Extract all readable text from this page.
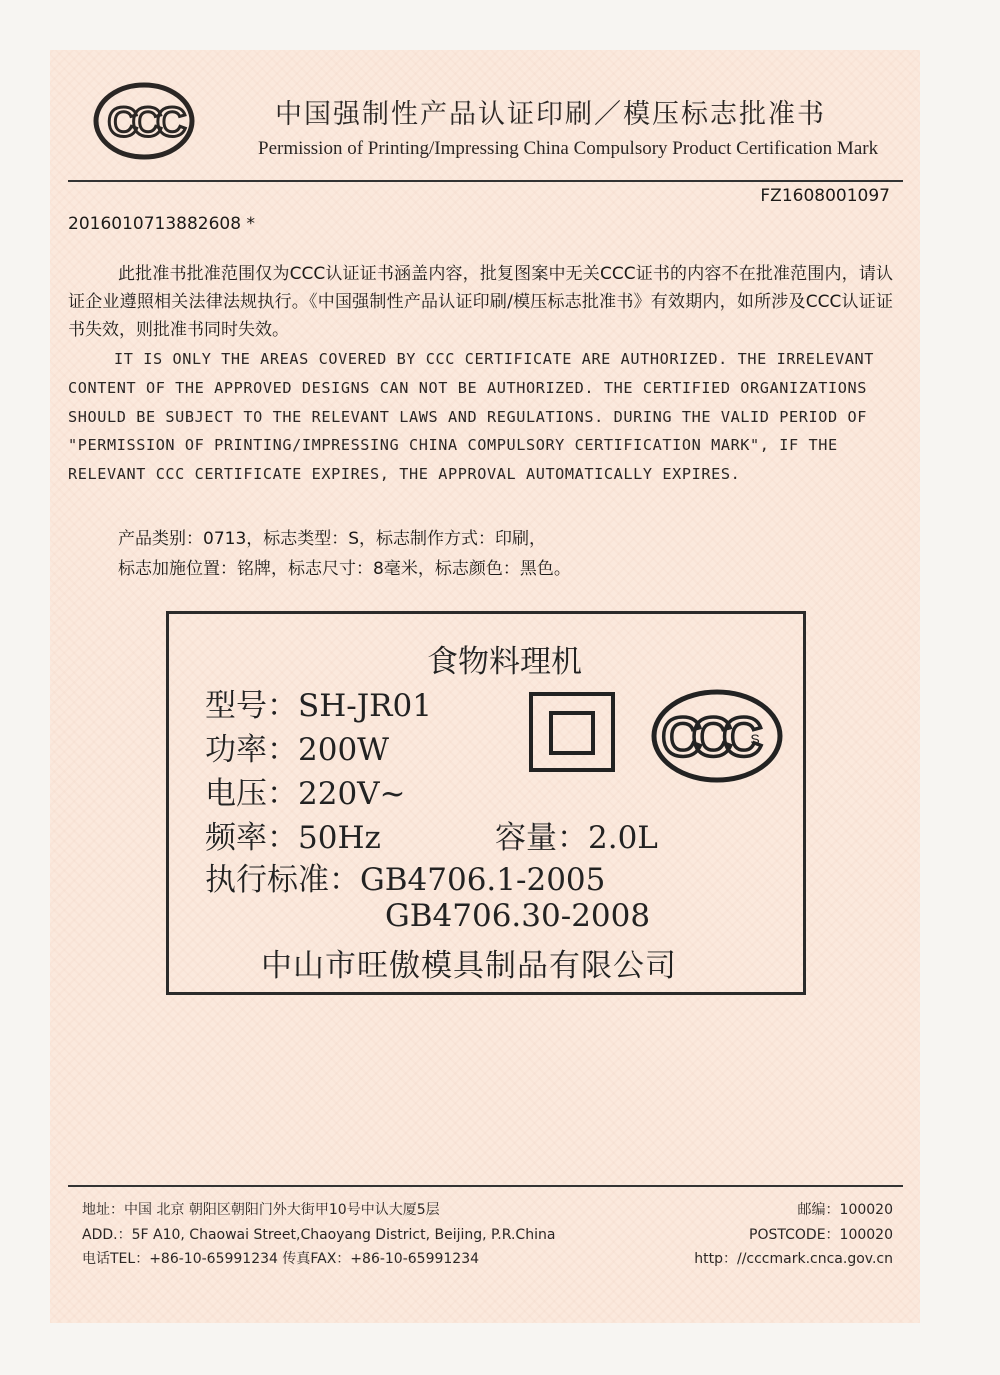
CCC	中国强制性产品认证印刷／模压标志批准书
Permission of Printing/Impressing China Compulsory Product Certification Mark
FZ1608001097
2016010713882608 *
此批准书批准范围仅为CCC认证证书涵盖内容，批复图案中无关CCC证书的内容不在批准范围内，请认证企业遵照相关法律法规执行。《中国强制性产品认证印刷/模压标志批准书》有效期内，如所涉及CCC认证证书失效，则批准书同时失效。
IT IS ONLY THE AREAS COVERED BY CCC CERTIFICATE ARE AUTHORIZED. THE IRRELEVANT CONTENT OF THE APPROVED DESIGNS CAN NOT BE AUTHORIZED. THE CERTIFIED ORGANIZATIONS SHOULD BE SUBJECT TO THE RELEVANT LAWS AND REGULATIONS. DURING THE VALID PERIOD OF "PERMISSION OF PRINTING/IMPRESSING CHINA COMPULSORY CERTIFICATION MARK", IF THE RELEVANT CCC CERTIFICATE EXPIRES, THE APPROVAL AUTOMATICALLY EXPIRES.
产品类别：0713，标志类型：S，标志制作方式：印刷，
标志加施位置：铭牌，标志尺寸：8毫米，标志颜色：黑色。
食物料理机
型号：SH-JR01
功率：200W
电压：220V~
频率：50Hz	容量：2.0L
执行标准：GB4706.1-2005
GB4706.30-2008
中山市旺傲模具制品有限公司
CCC
S
地址：中国 北京 朝阳区朝阳门外大街甲10号中认大厦5层
ADD.：5F A10, Chaowai Street,Chaoyang District, Beijing, P.R.China
电话TEL：+86-10-65991234 传真FAX：+86-10-65991234
邮编：100020
POSTCODE：100020
http：//cccmark.cnca.gov.cn
